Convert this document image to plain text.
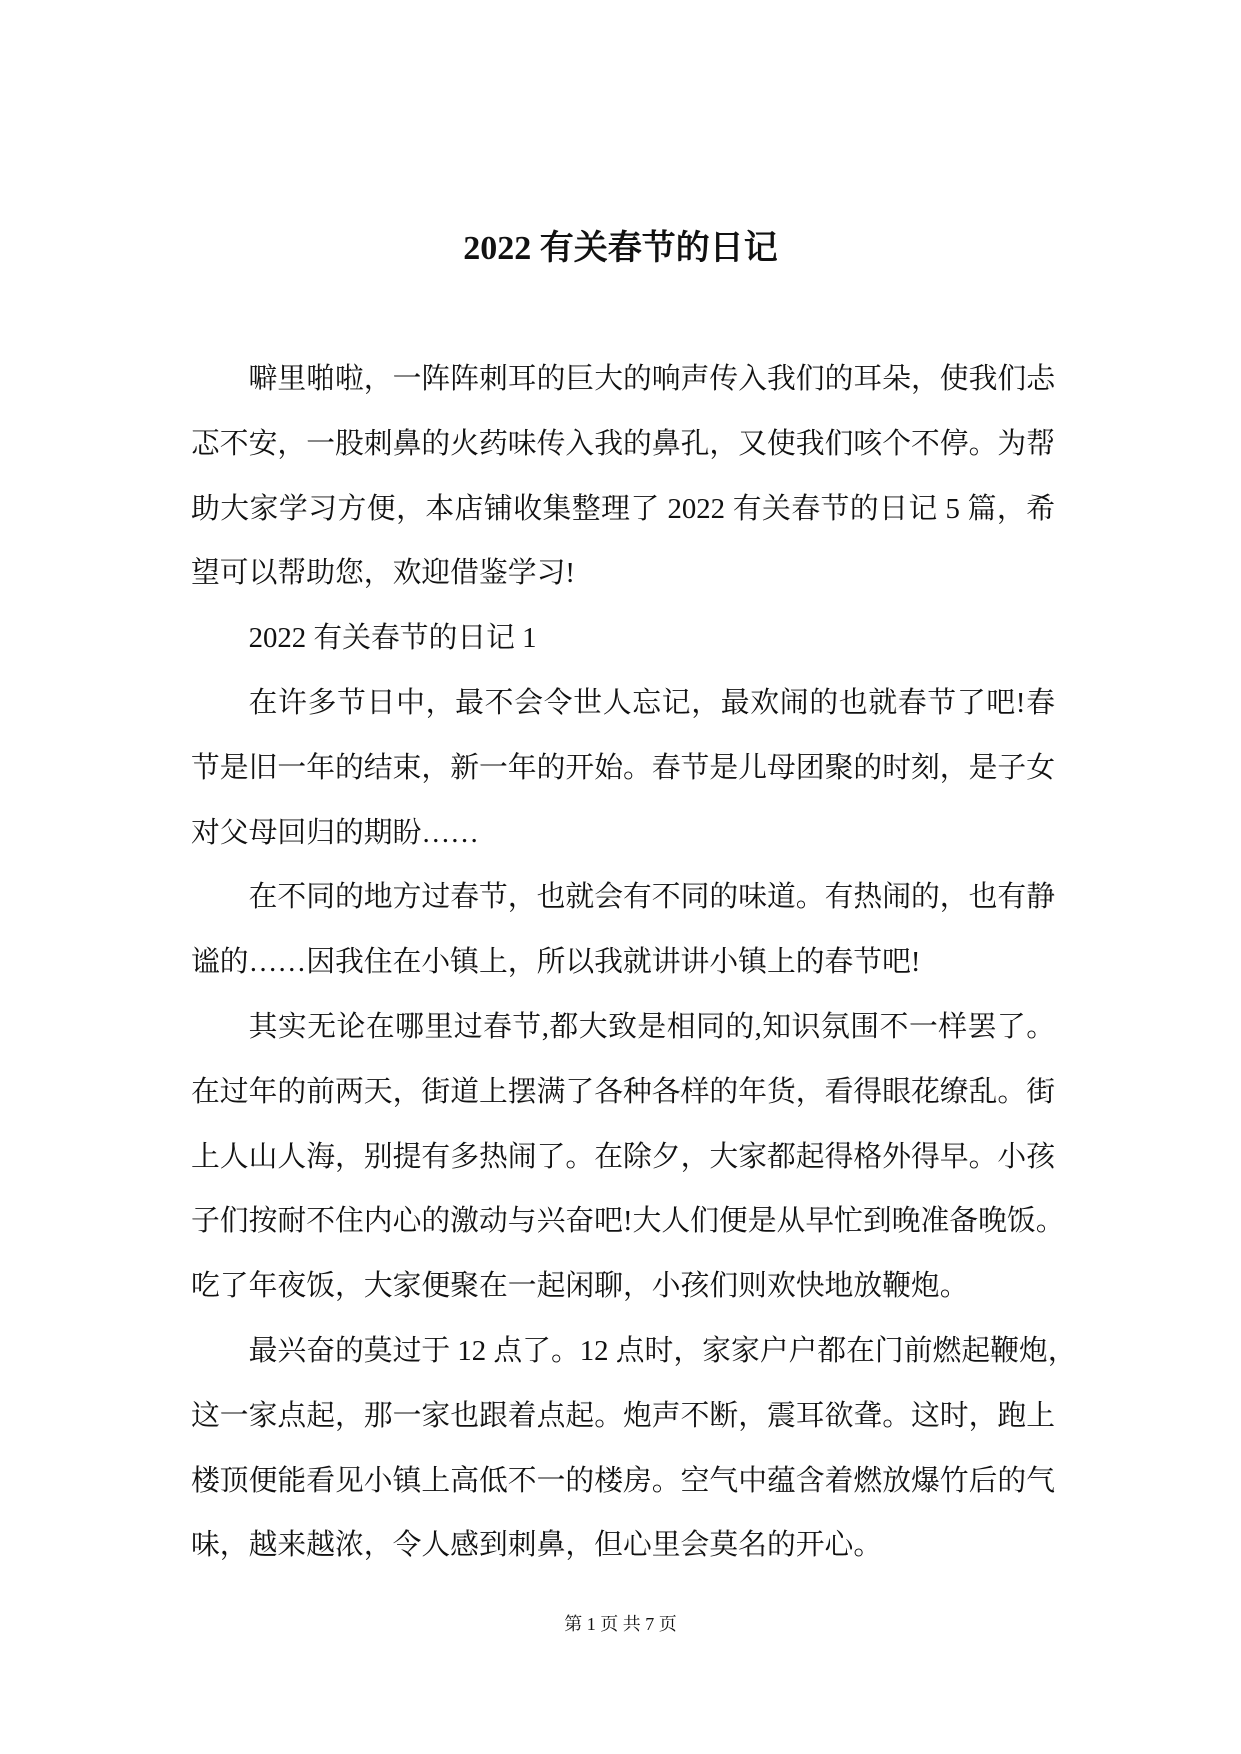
2022 有关春节的日记
噼里啪啦，一阵阵刺耳的巨大的响声传入我们的耳朵，使我们忐
忑不安，一股刺鼻的火药味传入我的鼻孔，又使我们咳个不停。为帮
助大家学习方便，本店铺收集整理了 2022 有关春节的日记 5 篇，希
望可以帮助您，欢迎借鉴学习!
2022 有关春节的日记 1
在许多节日中，最不会令世人忘记，最欢闹的也就春节了吧!春
节是旧一年的结束，新一年的开始。春节是儿母团聚的时刻，是子女
对父母回归的期盼……
在不同的地方过春节，也就会有不同的味道。有热闹的，也有静
谧的……因我住在小镇上，所以我就讲讲小镇上的春节吧!
其实无论在哪里过春节,都大致是相同的,知识氛围不一样罢了。
在过年的前两天，街道上摆满了各种各样的年货，看得眼花缭乱。街
上人山人海，别提有多热闹了。在除夕，大家都起得格外得早。小孩
子们按耐不住内心的激动与兴奋吧!大人们便是从早忙到晚准备晚饭。
吃了年夜饭，大家便聚在一起闲聊，小孩们则欢快地放鞭炮。
最兴奋的莫过于 12 点了。12 点时，家家户户都在门前燃起鞭炮，
这一家点起，那一家也跟着点起。炮声不断，震耳欲聋。这时，跑上
楼顶便能看见小镇上高低不一的楼房。空气中蕴含着燃放爆竹后的气
味，越来越浓，令人感到刺鼻，但心里会莫名的开心。
第 1 页 共 7 页
